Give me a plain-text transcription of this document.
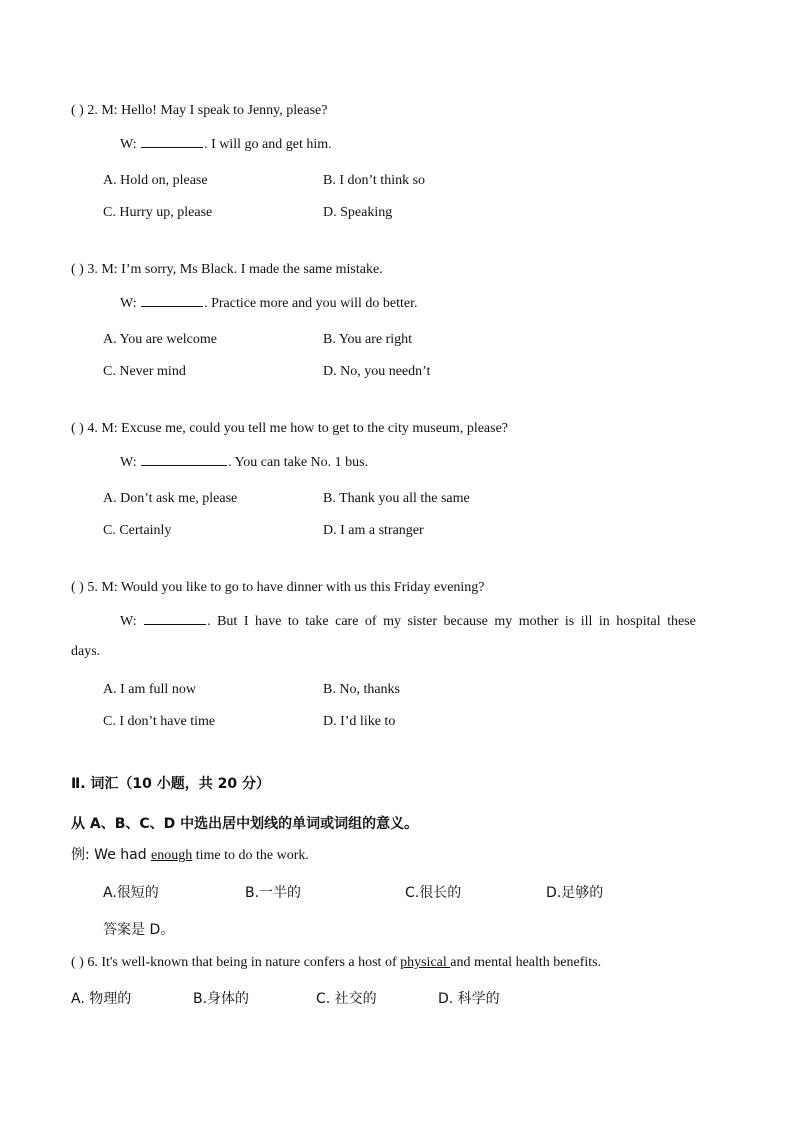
( ) 2. M: Hello! May I speak to Jenny, please?
W:	. I will go and get him.
A. Hold on, please	B. I don’t think so
C. Hurry up, please	D. Speaking
( ) 3. M: I’m sorry, Ms Black. I made the same mistake.
W:	. Practice more and you will do better.
A. You are welcome	B. You are right
C. Never mind	D. No, you needn’t
( ) 4. M: Excuse me, could you tell me how to get to the city museum, please?
W:	. You can take No. 1 bus.
A. Don’t ask me, please	B. Thank you all the same
C. Certainly	D. I am a stranger
( ) 5. M: Would you like to go to have dinner with us this Friday evening?
W:	. But I have to take care of my sister because my mother is ill in hospital these
days.
A. I am full now	B. No, thanks
C. I don’t have time	D. I’d like to
Ⅱ. 词汇（10 小题，共 20 分）
从 A、B、C、D 中选出居中划线的单词或词组的意义。
例: We had enough time to do the work.
A.很短的	B.一半的	C.很长的	D.足够的
答案是 D。
( ) 6. It's well-known that being in nature confers a host of physical and mental health benefits.
A. 物理的	B.身体的	C. 社交的	D. 科学的
